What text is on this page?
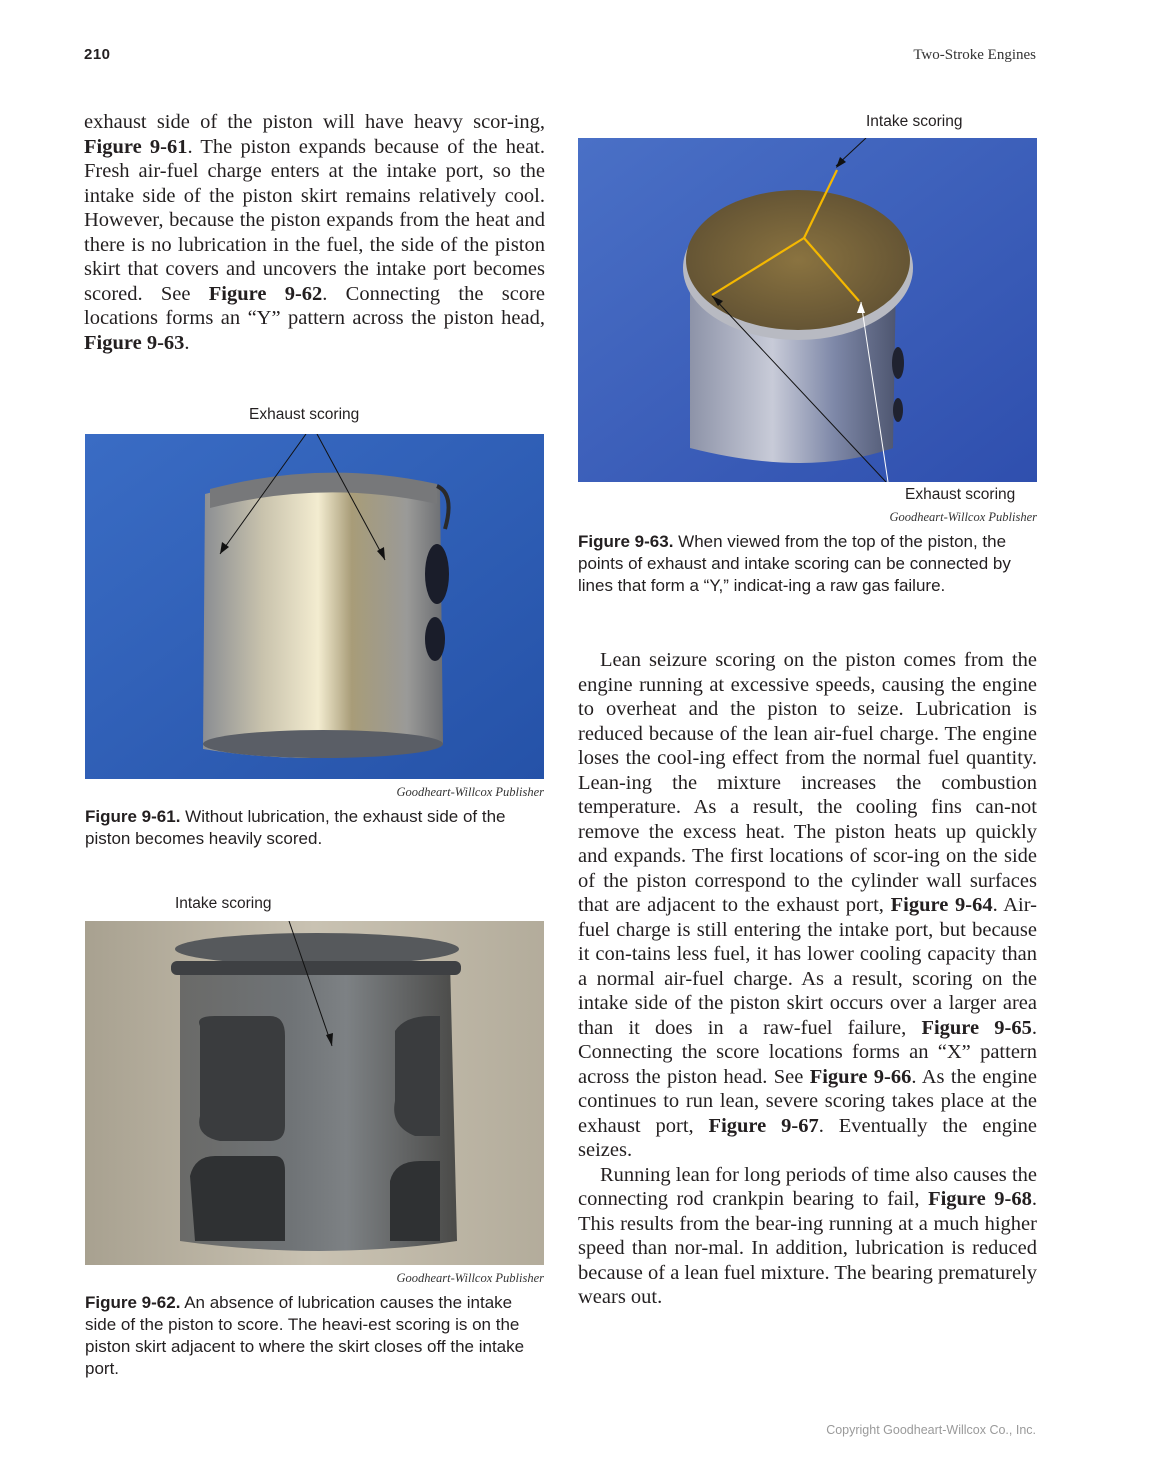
210	Two-Stroke Engines

exhaust side of the piston will have heavy scor-ing, Figure 9-61. The piston expands because of the heat. Fresh air-fuel charge enters at the intake port, so the intake side of the piston skirt remains relatively cool. However, because the piston expands from the heat and there is no lubrication in the fuel, the side of the piston skirt that covers and uncovers the intake port becomes scored. See Figure 9-62. Connecting the score locations forms an “Y” pattern across the piston head, Figure 9-63.

Exhaust scoring
Goodheart-Willcox Publisher
Figure 9-61. Without lubrication, the exhaust side of the piston becomes heavily scored.
Intake scoring
Goodheart-Willcox Publisher
Figure 9-62. An absence of lubrication causes the intake side of the piston to score. The heavi-est scoring is on the piston skirt adjacent to where the skirt closes off the intake port.
Intake scoring
Exhaust scoring
Goodheart-Willcox Publisher
Figure 9-63. When viewed from the top of the piston, the points of exhaust and intake scoring can be connected by lines that form a “Y,” indicat-ing a raw gas failure.

Lean seizure scoring on the piston comes from the engine running at excessive speeds, causing the engine to overheat and the piston to seize. Lubrication is reduced because of the lean air-fuel charge. The engine loses the cool-ing effect from the normal fuel quantity. Lean-ing the mixture increases the combustion temperature. As a result, the cooling fins can-not remove the excess heat. The piston heats up quickly and expands. The first locations of scor-ing on the side of the piston correspond to the cylinder wall surfaces that are adjacent to the exhaust port, Figure 9-64. Air-fuel charge is still entering the intake port, but because it con-tains less fuel, it has lower cooling capacity than a normal air-fuel charge. As a result, scoring on the intake side of the piston skirt occurs over a larger area than it does in a raw-fuel failure, Figure 9-65. Connecting the score locations forms an “X” pattern across the piston head. See Figure 9-66. As the engine continues to run lean, severe scoring takes place at the exhaust port, Figure 9-67. Eventually the engine seizes.

Running lean for long periods of time also causes the connecting rod crankpin bearing to fail, Figure 9-68. This results from the bear-ing running at a much higher speed than nor-mal. In addition, lubrication is reduced because of a lean fuel mixture. The bearing prematurely wears out.

Copyright Goodheart-Willcox Co., Inc.
